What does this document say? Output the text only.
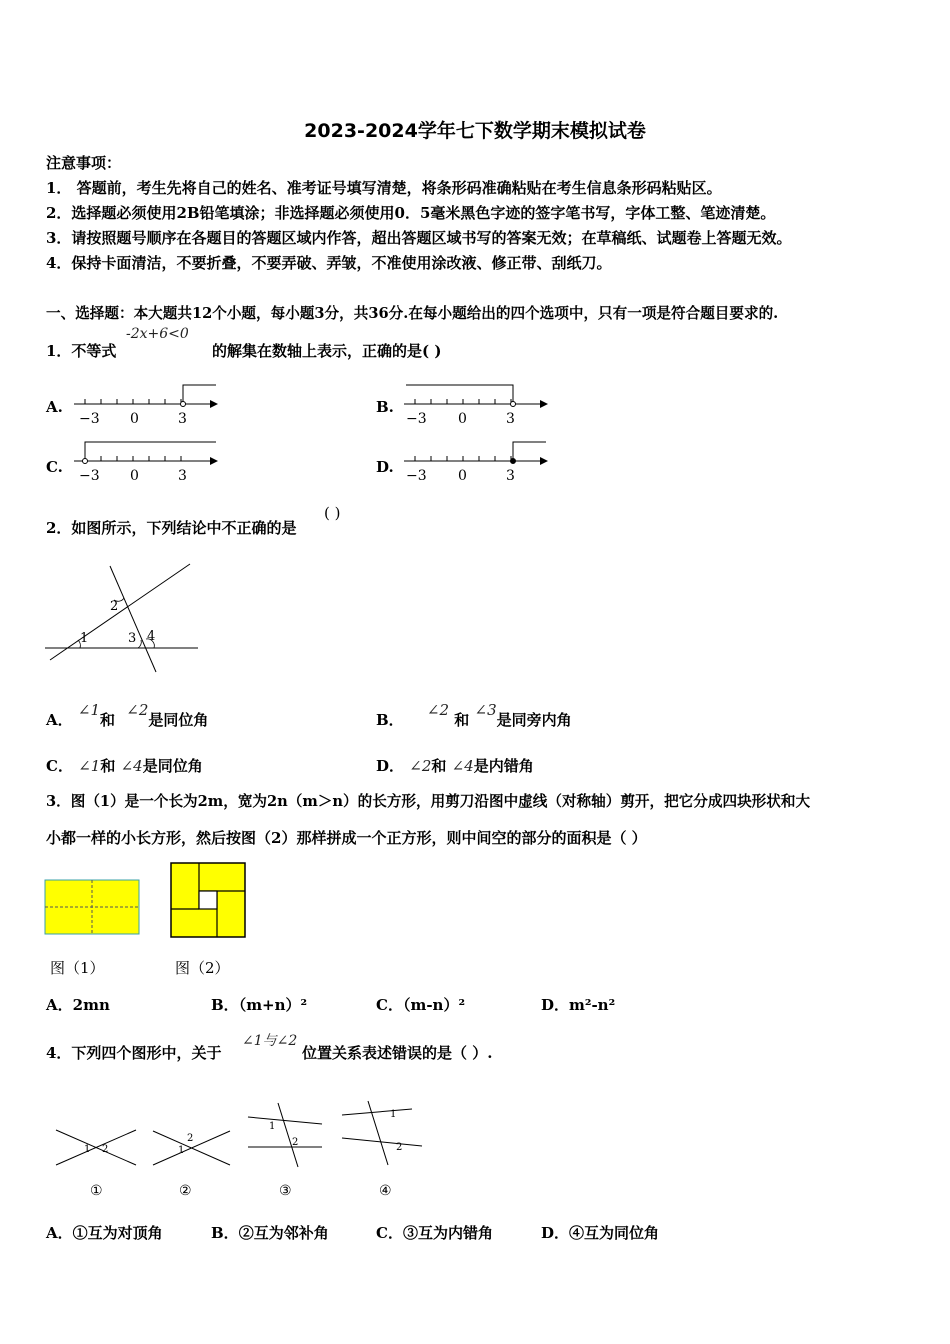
2023-2024学年七下数学期末模拟试卷
注意事项：
1． 答题前，考生先将自己的姓名、准考证号填写清楚，将条形码准确粘贴在考生信息条形码粘贴区。
2．选择题必须使用2B铅笔填涂；非选择题必须使用0．5毫米黑色字迹的签字笔书写，字体工整、笔迹清楚。
3．请按照题号顺序在各题目的答题区域内作答，超出答题区域书写的答案无效；在草稿纸、试题卷上答题无效。
4．保持卡面清洁，不要折叠，不要弄破、弄皱，不准使用涂改液、修正带、刮纸刀。
一、选择题：本大题共12个小题，每小题3分，共36分.在每小题给出的四个选项中，只有一项是符合题目要求的.
1．不等式
-2x+6<0
的解集在数轴上表示，正确的是( )
A.	B.
C.	D.
−3 0	3	−3 0	3
−3 0	3	−3 0	3
2．如图所示，下列结论中不正确的是
( )
1
2
3 4
A． ∠1和 ∠2是同位角	B． ∠2 和 ∠3是同旁内角
C． ∠1和 ∠4是同位角	D． ∠2和 ∠4是内错角
3．图（1）是一个长为2m，宽为2n（m＞n）的长方形，用剪刀沿图中虚线（对称轴）剪开，把它分成四块形状和大
小都一样的小长方形，然后按图（2）那样拼成一个正方形，则中间空的部分的面积是（ ）
图（1）	图（2）
A．2mn	B．（m+n）²	C．（m-n）²	D．m²-n²
4．下列四个图形中，关于
∠1与∠2
位置关系表述错误的是（ ）.
1 2	1
2
1
2
1
2
①	②	③	④
A．①互为对顶角	B．②互为邻补角	C．③互为内错角	D．④互为同位角
